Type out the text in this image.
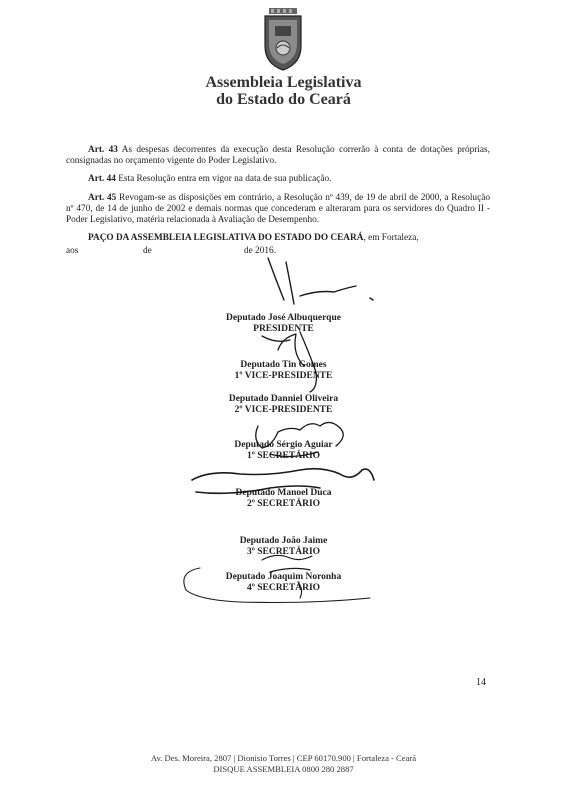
Assembleia Legislativa
do Estado do Ceará
Art. 43 As despesas decorrentes da execução desta Resolução correrão à conta de dotações próprias, consignadas no orçamento vigente do Poder Legislativo.
Art. 44 Esta Resolução entra em vigor na data de sua publicação.
Art. 45 Revogam-se as disposições em contrário, a Resolução nº 439, de 19 de abril de 2000, a Resolução nº 470, de 14 de junho de 2002 e demais normas que concederam e alteraram para os servidores do Quadro II - Poder Legislativo, matéria relacionada à Avaliação de Desempenho.
PAÇO DA ASSEMBLEIA LEGISLATIVA DO ESTADO DO CEARÁ, em Fortaleza,
aos	de	de 2016.
Deputado José Albuquerque
PRESIDENTE
Deputado Tin Gomes
1º VICE-PRESIDENTE
Deputado Danniel Oliveira
2º VICE-PRESIDENTE
Deputado Sérgio Aguiar
1º SECRETÁRIO
Deputado Manoel Duca
2º SECRETÁRIO
Deputado João Jaime
3º SECRETÁRIO
Deputado Joaquim Noronha
4º SECRETÁRIO
14
Av. Des. Moreira, 2807 | Dionisio Torres | CEP 60170.900 | Fortaleza - Ceará
DISQUE ASSEMBLEIA 0800 280 2887
